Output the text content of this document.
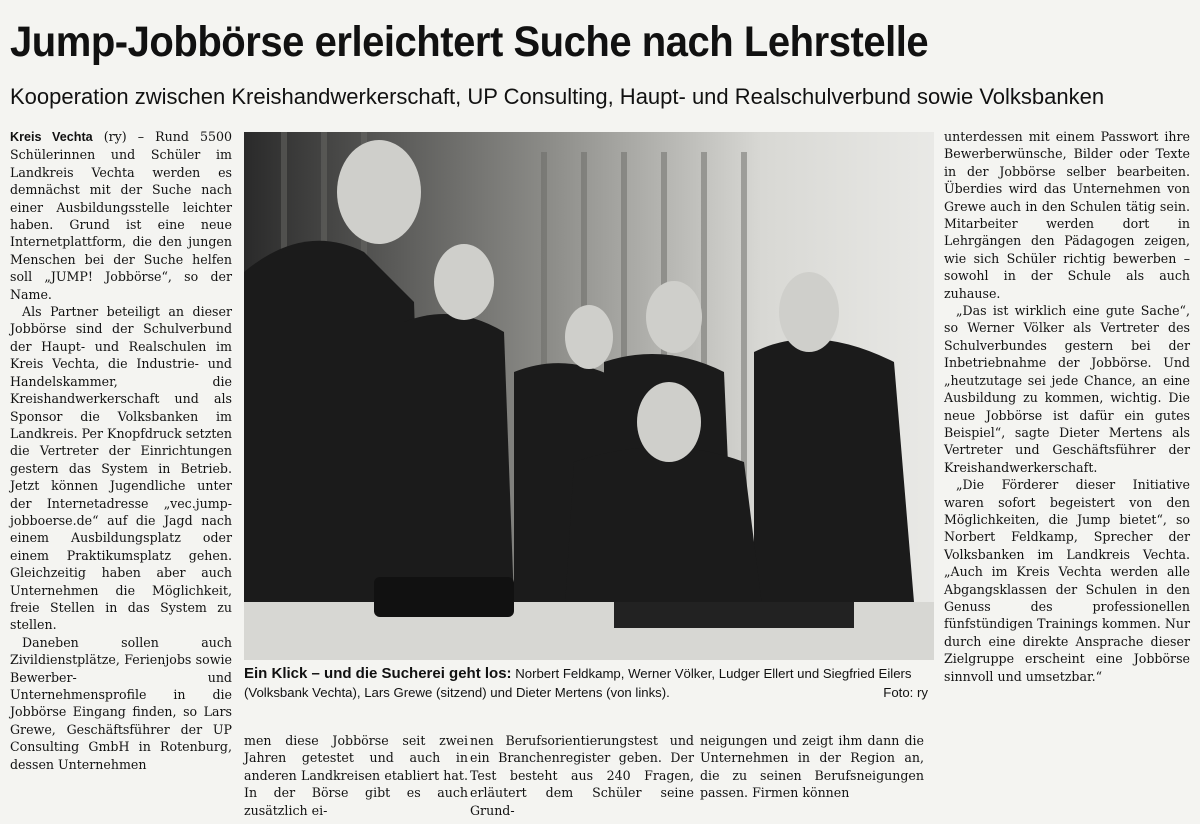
Jump-Jobbörse erleichtert Suche nach Lehrstelle
Kooperation zwischen Kreishandwerkerschaft, UP Consulting, Haupt- und Realschulverbund sowie Volksbanken

Kreis Vechta (ry) – Rund 5500 Schülerinnen und Schüler im Landkreis Vechta werden es demnächst mit der Suche nach einer Ausbildungsstelle leichter haben. Grund ist eine neue Internetplattform, die den jungen Menschen bei der Suche helfen soll „JUMP! Jobbörse“, so der Name.

Als Partner beteiligt an dieser Jobbörse sind der Schulverbund der Haupt- und Realschulen im Kreis Vechta, die Industrie- und Handelskammer, die Kreishandwerkerschaft und als Sponsor die Volksbanken im Landkreis. Per Knopfdruck setzten die Vertreter der Einrichtungen gestern das System in Betrieb. Jetzt können Jugendliche unter der Internetadresse „vec.jump-jobboerse.de“ auf die Jagd nach einem Ausbildungsplatz oder einem Praktikumsplatz gehen. Gleichzeitig haben aber auch Unternehmen die Möglichkeit, freie Stellen in das System zu stellen.

Daneben sollen auch Zivildienstplätze, Ferienjobs sowie Bewerber- und Unternehmensprofile in die Jobbörse Eingang finden, so Lars Grewe, Geschäftsführer der UP Consulting GmbH in Rotenburg, dessen Unternehmen

Ein Klick – und die Sucherei geht los: Norbert Feldkamp, Werner Völker, Ludger Ellert und Siegfried Eilers (Volksbank Vechta), Lars Grewe (sitzend) und Dieter Mertens (von links).	Foto: ry
men diese Jobbörse seit zwei Jahren getestet und auch in anderen Landkreisen etabliert hat. In der Börse gibt es auch zusätzlich ei-
nen Berufsorientierungstest und ein Branchenregister geben. Der Test besteht aus 240 Fragen, erläutert dem Schüler seine Grund-
neigungen und zeigt ihm dann die Unternehmen in der Region an, die zu seinen Berufsneigungen passen. Firmen können

unterdessen mit einem Passwort ihre Bewerberwünsche, Bilder oder Texte in der Jobbörse selber bearbeiten. Überdies wird das Unternehmen von Grewe auch in den Schulen tätig sein. Mitarbeiter werden dort in Lehrgängen den Pädagogen zeigen, wie sich Schüler richtig bewerben – sowohl in der Schule als auch zuhause.

„Das ist wirklich eine gute Sache“, so Werner Völker als Vertreter des Schulverbundes gestern bei der Inbetriebnahme der Jobbörse. Und „heutzutage sei jede Chance, an eine Ausbildung zu kommen, wichtig. Die neue Jobbörse ist dafür ein gutes Beispiel“, sagte Dieter Mertens als Vertreter und Geschäftsführer der Kreishandwerkerschaft.

„Die Förderer dieser Initiative waren sofort begeistert von den Möglichkeiten, die Jump bietet“, so Norbert Feldkamp, Sprecher der Volksbanken im Landkreis Vechta. „Auch im Kreis Vechta werden alle Abgangsklassen der Schulen in den Genuss des professionellen fünfstündigen Trainings kommen. Nur durch eine direkte Ansprache dieser Zielgruppe erscheint eine Jobbörse sinnvoll und umsetzbar.“
